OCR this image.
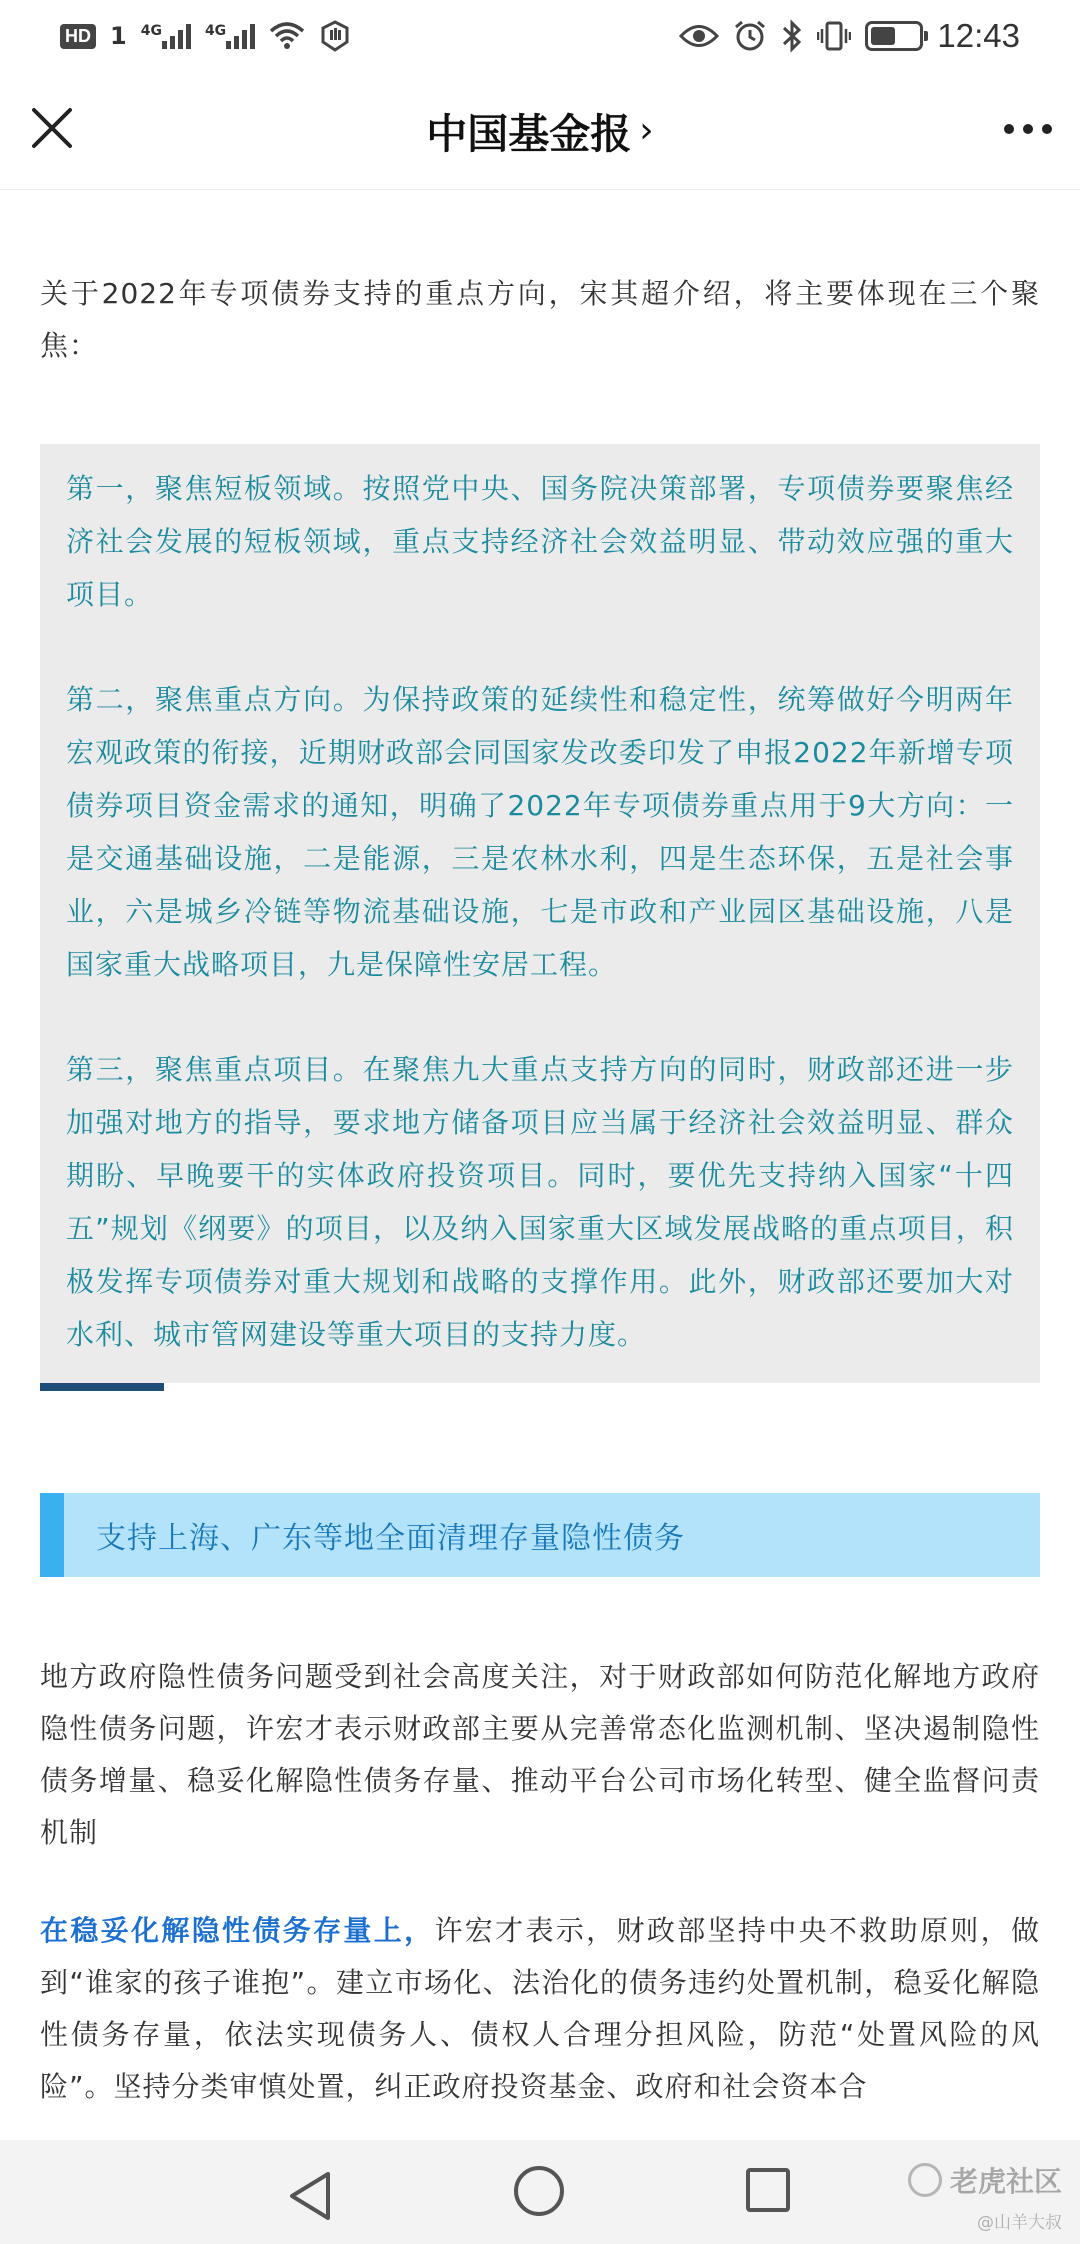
HD 1 4G	4G	12:43
中国基金报 ›

关于2022年专项债券支持的重点方向，宋其超介绍，将主要体现在三个聚焦：

第一，聚焦短板领域。按照党中央、国务院决策部署，专项债券要聚焦经济社会发展的短板领域，重点支持经济社会效益明显、带动效应强的重大项目。

第二，聚焦重点方向。为保持政策的延续性和稳定性，统筹做好今明两年宏观政策的衔接，近期财政部会同国家发改委印发了申报2022年新增专项债券项目资金需求的通知，明确了2022年专项债券重点用于9大方向：一是交通基础设施，二是能源，三是农林水利，四是生态环保，五是社会事业，六是城乡冷链等物流基础设施，七是市政和产业园区基础设施，八是国家重大战略项目，九是保障性安居工程。

第三，聚焦重点项目。在聚焦九大重点支持方向的同时，财政部还进一步加强对地方的指导，要求地方储备项目应当属于经济社会效益明显、群众期盼、早晚要干的实体政府投资项目。同时，要优先支持纳入国家“十四五”规划《纲要》的项目，以及纳入国家重大区域发展战略的重点项目，积极发挥专项债券对重大规划和战略的支撑作用。此外，财政部还要加大对水利、城市管网建设等重大项目的支持力度。

支持上海、广东等地全面清理存量隐性债务

地方政府隐性债务问题受到社会高度关注，对于财政部如何防范化解地方政府隐性债务问题，许宏才表示财政部主要从完善常态化监测机制、坚决遏制隐性债务增量、稳妥化解隐性债务存量、推动平台公司市场化转型、健全监督问责机制

在稳妥化解隐性债务存量上，许宏才表示，财政部坚持中央不救助原则，做到“谁家的孩子谁抱”。建立市场化、法治化的债务违约处置机制，稳妥化解隐性债务存量，依法实现债务人、债权人合理分担风险，防范“处置风险的风险”。坚持分类审慎处置，纠正政府投资基金、政府和社会资本合

老虎社区
@山羊大叔
